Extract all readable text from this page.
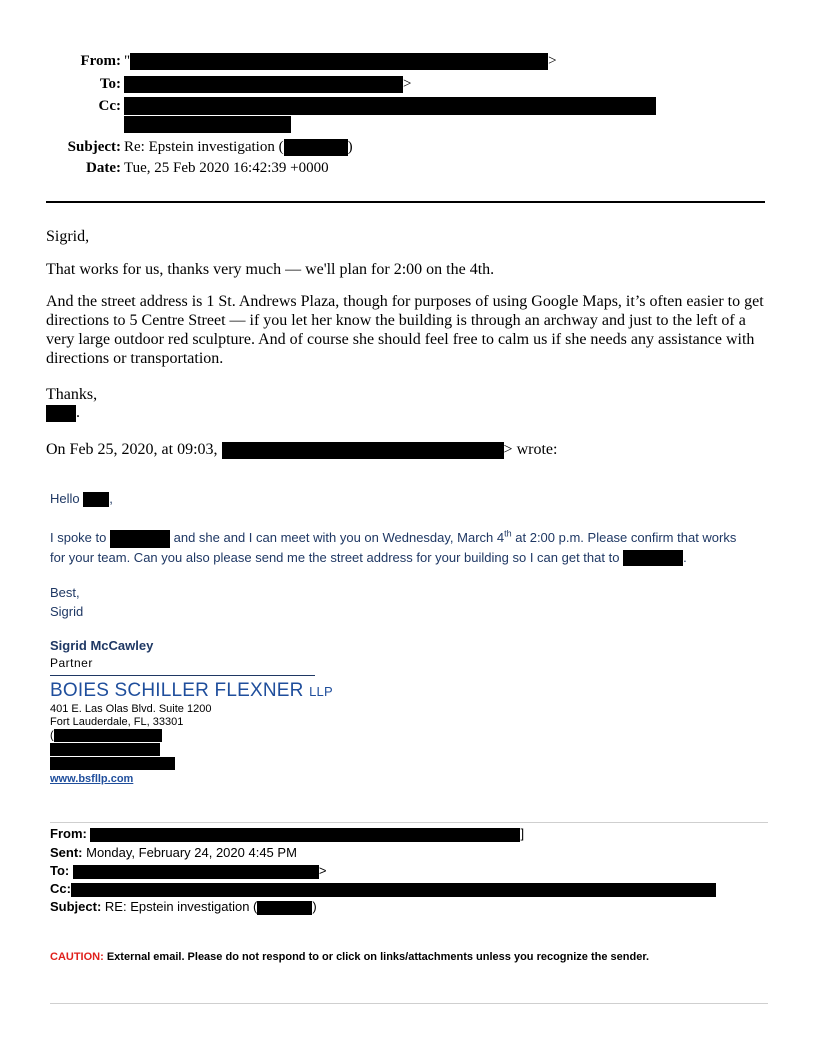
From: "	>
To:	>
Cc:
Subject: Re: Epstein investigation (	)
Date: Tue, 25 Feb 2020 16:42:39 +0000
Sigrid,
That works for us, thanks very much — we'll plan for 2:00 on the 4th.
And the street address is 1 St. Andrews Plaza, though for purposes of using Google Maps, it’s often easier to get directions to 5 Centre Street — if you let her know the building is through an archway and just to the left of a very large outdoor red sculpture. And of course she should feel free to calm us if she needs any assistance with directions or transportation.
Thanks,
.
On Feb 25, 2020, at 09:03,	> wrote:
Hello ,
I spoke to	and she and I can meet with you on Wednesday, March 4th at 2:00 p.m. Please confirm that works
for your team. Can you also please send me the street address for your building so I can get that to	.
Best,
Sigrid
Sigrid McCawley
Partner
BOIES SCHILLER FLEXNER LLP
401 E. Las Olas Blvd. Suite 1200
Fort Lauderdale, FL, 33301
(
www.bsfllp.com
From:	]
Sent: Monday, February 24, 2020 4:45 PM
To:	>
Cc:
Subject: RE: Epstein investigation (	)
CAUTION: External email. Please do not respond to or click on links/attachments unless you recognize the sender.
